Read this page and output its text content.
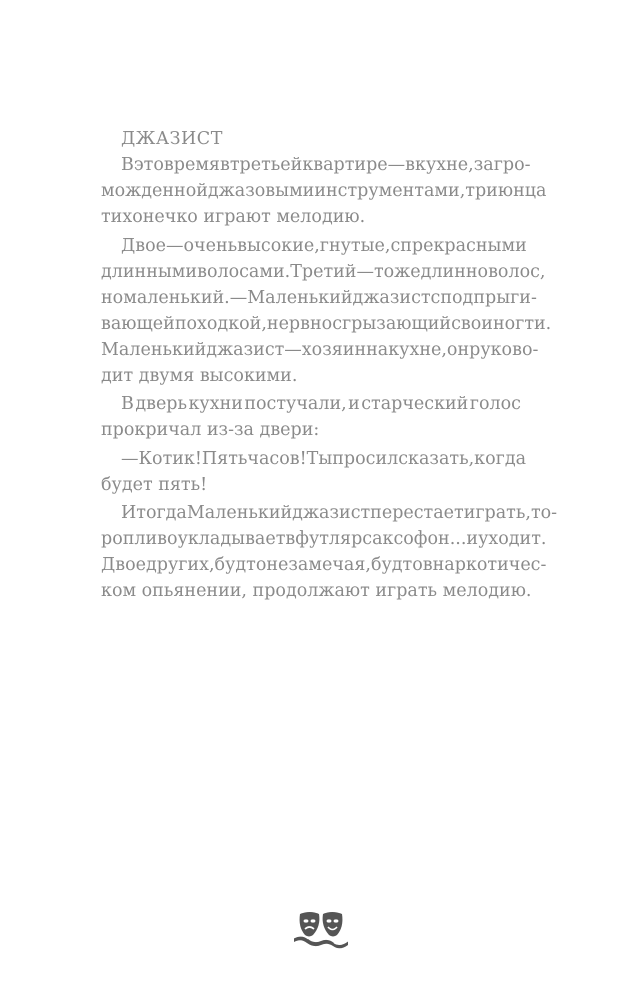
ДЖАЗИСТ
В это время в третьей квартире — в кухне, загро-
можденной джазовыми инструментами, три юнца
тихонечко играют мелодию.
Двое — очень высокие, гнутые, с прекрасными
длинными волосами. Третий — тоже длинноволос,
но маленький. — Маленький джазист с подпрыги-
вающей походкой, нервно сгрызающий свои ногти.
Маленький джазист — хозяин на кухне, он руково-
дит двумя высокими.
В дверь кухни постучали, и старческий голос
прокричал из-за двери:
— Котик! Пять часов! Ты просил сказать, когда
будет пять!
И тогда Маленький джазист перестает играть, то-
ропливо укладывает в футляр саксофон... и уходит.
Двое других, будто не замечая, будто в наркотичес-
ком опьянении, продолжают играть мелодию.
